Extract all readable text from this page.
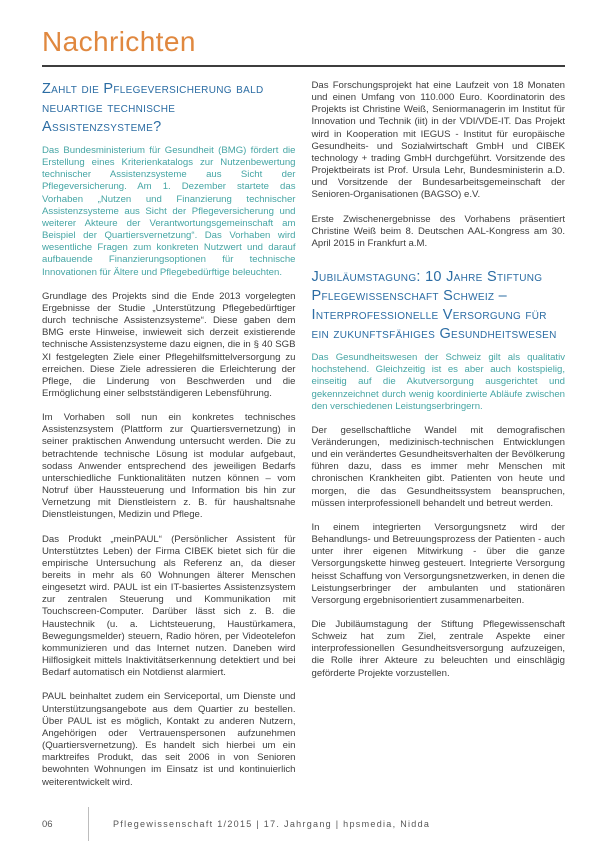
Nachrichten
Zahlt die Pflegeversicherung bald neuartige technische Assistenzsysteme?

Das Bundesministerium für Gesundheit (BMG) fördert die Erstellung eines Kriterienkatalogs zur Nutzenbewertung technischer Assistenzsysteme aus Sicht der Pflegeversicherung. Am 1. Dezember startete das Vorhaben „Nutzen und Finanzierung technischer Assistenzsysteme aus Sicht der Pflegeversicherung und weiterer Akteure der Verantwortungsgemeinschaft am Beispiel der Quartiersvernetzung“. Das Vorhaben wird wesentliche Fragen zum konkreten Nutzwert und darauf aufbauende Finanzierungsoptionen für technische Innovationen für Ältere und Pflegebedürftige beleuchten.

Grundlage des Projekts sind die Ende 2013 vorgelegten Ergebnisse der Studie „Unterstützung Pflegebedürftiger durch technische Assistenzsysteme“. Diese gaben dem BMG erste Hinweise, inwieweit sich derzeit existierende technische Assistenzsysteme dazu eignen, die in § 40 SGB XI festgelegten Ziele einer Pflegehilfsmittelversorgung zu erreichen. Diese Ziele adressieren die Erleichterung der Pflege, die Linderung von Beschwerden und die Ermöglichung einer selbstständigeren Lebensführung.

Im Vorhaben soll nun ein konkretes technisches Assistenzsystem (Plattform zur Quartiersvernetzung) in seiner praktischen Anwendung untersucht werden. Die zu betrachtende technische Lösung ist modular aufgebaut, sodass Anwender entsprechend des jeweiligen Bedarfs unterschiedliche Funktionalitäten nutzen können – vom Notruf über Haussteuerung und Information bis hin zur Vernetzung mit Dienstleistern z. B. für haushaltsnahe Dienstleistungen, Medizin und Pflege.

Das Produkt „meinPAUL“ (Persönlicher Assistent für Unterstütztes Leben) der Firma CIBEK bietet sich für die empirische Untersuchung als Referenz an, da dieser bereits in mehr als 60 Wohnungen älterer Menschen eingesetzt wird. PAUL ist ein IT-basiertes Assistenzsystem zur zentralen Steuerung und Kommunikation mit Touchscreen-Computer. Darüber lässt sich z. B. die Haustechnik (u. a. Lichtsteuerung, Haustürkamera, Bewegungsmelder) steuern, Radio hören, per Videotelefon kommunizieren und das Internet nutzen. Daneben wird Hilflosigkeit mittels Inaktivitätserkennung detektiert und bei Bedarf automatisch ein Notdienst alarmiert.

PAUL beinhaltet zudem ein Serviceportal, um Dienste und Unterstützungsangebote aus dem Quartier zu bestellen. Über PAUL ist es möglich, Kontakt zu anderen Nutzern, Angehörigen oder Vertrauenspersonen aufzunehmen (Quartiersvernetzung). Es handelt sich hierbei um ein marktreifes Produkt, das seit 2006 in von Senioren bewohnten Wohnungen im Einsatz ist und kontinuierlich weiterentwickelt wird.

Das Forschungsprojekt hat eine Laufzeit von 18 Monaten und einen Umfang von 110.000 Euro. Koordinatorin des Projekts ist Christine Weiß, Seniormanagerin im Institut für Innovation und Technik (iit) in der VDI/VDE-IT. Das Projekt wird in Kooperation mit IEGUS - Institut für europäische Gesundheits- und Sozialwirtschaft GmbH und CIBEK technology + trading GmbH durchgeführt. Vorsitzende des Projektbeirats ist Prof. Ursula Lehr, Bundesministerin a.D. und Vorsitzende der Bundesarbeitsgemeinschaft der Senioren-Organisationen (BAGSO) e.V.

Erste Zwischenergebnisse des Vorhabens präsentiert Christine Weiß beim 8. Deutschen AAL-Kongress am 30. April 2015 in Frankfurt a.M.

Jubiläumstagung: 10 Jahre Stiftung Pflegewissenschaft Schweiz – Interprofessionelle Versorgung für ein zukunftsfähiges Gesundheitswesen

Das Gesundheitswesen der Schweiz gilt als qualitativ hochstehend. Gleichzeitig ist es aber auch kostspielig, einseitig auf die Akutversorgung ausgerichtet und gekennzeichnet durch wenig koordinierte Abläufe zwischen den verschiedenen Leistungserbringern.

Der gesellschaftliche Wandel mit demografischen Veränderungen, medizinisch-technischen Entwicklungen und ein verändertes Gesundheitsverhalten der Bevölkerung führen dazu, dass es immer mehr Menschen mit chronischen Krankheiten gibt. Patienten von heute und morgen, die das Gesundheitssystem beanspruchen, müssen interprofessionell behandelt und betreut werden.

In einem integrierten Versorgungsnetz wird der Behandlungs- und Betreuungsprozess der Patienten - auch unter ihrer eigenen Mitwirkung - über die ganze Versorgungskette hinweg gesteuert. Integrierte Versorgung heisst Schaffung von Versorgungsnetzwerken, in denen die Leistungserbringer der ambulanten und stationären Versorgung ergebnisorientiert zusammenarbeiten.

Die Jubiläumstagung der Stiftung Pflegewissenschaft Schweiz hat zum Ziel, zentrale Aspekte einer interprofessionellen Gesundheitsversorgung aufzuzeigen, die Rolle ihrer Akteure zu beleuchten und einschlägig geförderte Projekte vorzustellen.

06	Pflegewissenschaft 1/2015 | 17. Jahrgang | hpsmedia, Nidda
